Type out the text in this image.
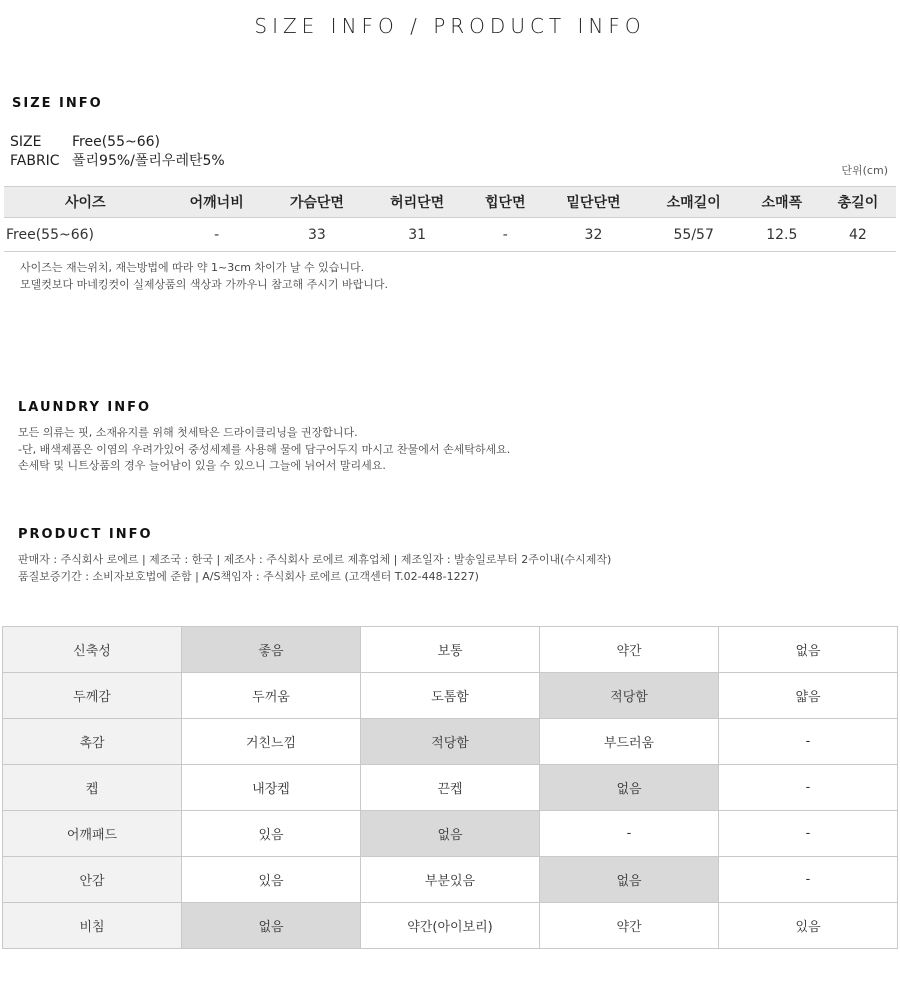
SIZE INFO / PRODUCT INFO
SIZE INFO
SIZE Free(55~66)
FABRIC 폴리95%/폴리우레탄5%
단위(cm)
사이즈	어깨너비	가슴단면	허리단면	힙단면	밑단단면	소매길이	소매폭	총길이
Free(55~66)	-	33	31	-	32	55/57	12.5	42
사이즈는 재는위치, 재는방법에 따라 약 1~3cm 차이가 날 수 있습니다.
모델컷보다 마네킹컷이 실제상품의 색상과 가까우니 참고해 주시기 바랍니다.
LAUNDRY INFO
모든 의류는 핏, 소재유지를 위해 첫세탁은 드라이클리닝을 권장합니다.
-단, 배색제품은 이염의 우려가있어 중성세제를 사용해 물에 담구어두지 마시고 찬물에서 손세탁하세요.
손세탁 및 니트상품의 경우 늘어남이 있을 수 있으니 그늘에 뉘어서 말리세요.
PRODUCT INFO
판매자 : 주식회사 로에르 | 제조국 : 한국 | 제조사 : 주식회사 로에르 제휴업체 | 제조일자 : 발송일로부터 2주이내(수시제작)
품질보증기간 : 소비자보호법에 준함 | A/S책임자 : 주식회사 로에르 (고객센터 T.02-448-1227)
신축성	좋음	보통	약간	없음
두께감	두꺼움	도톰함	적당함	얇음
촉감	거친느낌	적당함	부드러움	-
켑	내장켑	끈켑	없음	-
어깨패드	있음	없음	-	-
안감	있음	부분있음	없음	-
비침	없음	약간(아이보리)	약간	있음
